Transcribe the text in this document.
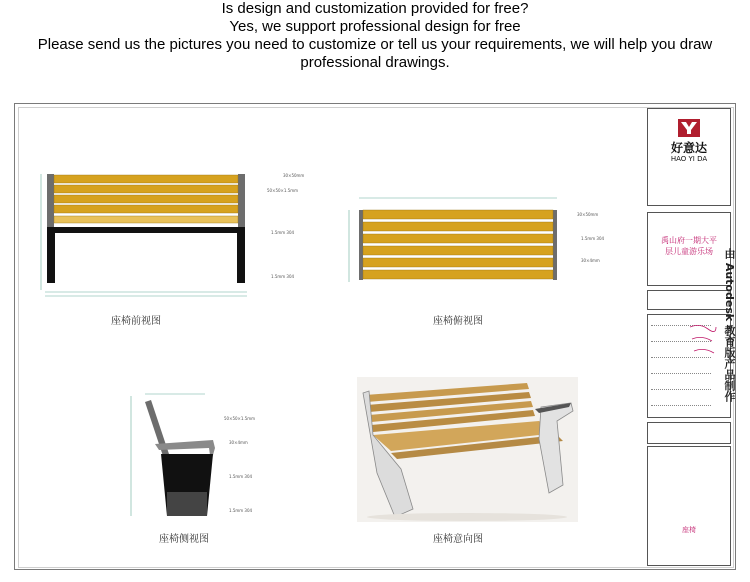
Is design and customization provided for free?
Yes, we support professional design for free
Please send us the pictures you need to customize or tell us your requirements, we will help you draw professional drawings.
30×50mm
50×50×1.5mm
1.5mm 304
1.5mm 304
座椅前视图
30×50mm
1.5mm 304
30×4mm
座椅俯视图
50×50×1.5mm
30×4mm
1.5mm 304
1.5mm 304
座椅侧视图	座椅意向图
好意达
HAO YI DA
禹山府一期大平
层儿童游乐场
座椅
由 Autodesk 教育版产品制作
